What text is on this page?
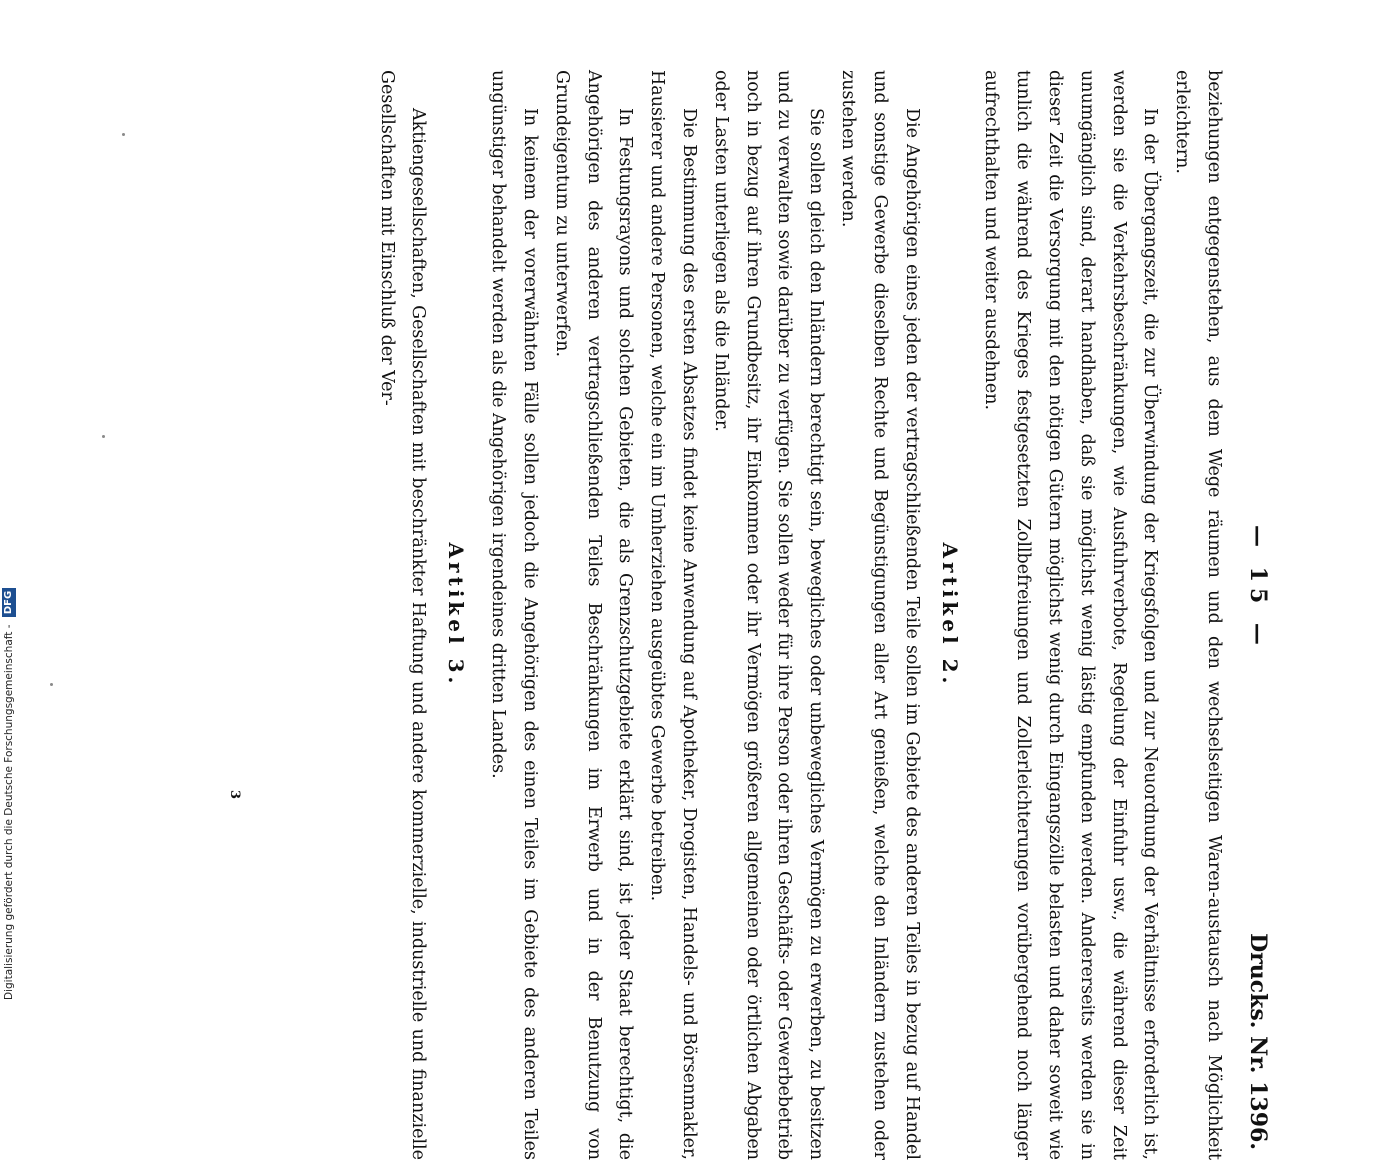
— 15 —
Drucks. Nr. 1396.

beziehungen entgegenstehen, aus dem Wege räumen und den wechselseitigen Waren-austausch nach Möglichkeit erleichtern.

In der Übergangszeit, die zur Überwindung der Kriegsfolgen und zur Neuordnung der Verhältnisse erforderlich ist, werden sie die Verkehrsbeschränkungen, wie Ausfuhrverbote, Regelung der Einfuhr usw., die während dieser Zeit unumgänglich sind, derart handhaben, daß sie möglichst wenig lästig empfunden werden. Andererseits werden sie in dieser Zeit die Versorgung mit den nötigen Gütern möglichst wenig durch Eingangszölle belasten und daher soweit wie tunlich die während des Krieges festgesetzten Zollbefreiungen und Zollerleichterungen vorübergehend noch länger aufrechthalten und weiter ausdehnen.

Artikel 2.

Die Angehörigen eines jeden der vertragschließenden Teile sollen im Gebiete des anderen Teiles in bezug auf Handel und sonstige Gewerbe dieselben Rechte und Begünstigungen aller Art genießen, welche den Inländern zustehen oder zustehen werden.

Sie sollen gleich den Inländern berechtigt sein, bewegliches oder unbewegliches Vermögen zu erwerben, zu besitzen und zu verwalten sowie darüber zu verfügen. Sie sollen weder für ihre Person oder ihren Geschäfts- oder Gewerbebetrieb noch in bezug auf ihren Grundbesitz, ihr Einkommen oder ihr Vermögen größeren allgemeinen oder örtlichen Abgaben oder Lasten unterliegen als die Inländer.

Die Bestimmung des ersten Absatzes findet keine Anwendung auf Apotheker, Drogisten, Handels- und Börsenmakler, Hausierer und andere Personen, welche ein im Umherziehen ausgeübtes Gewerbe betreiben.

In Festungsrayons und solchen Gebieten, die als Grenzschutzgebiete erklärt sind, ist jeder Staat berechtigt, die Angehörigen des anderen vertragschließenden Teiles Beschränkungen im Erwerb und in der Benutzung von Grundeigentum zu unterwerfen.

In keinem der vorerwähnten Fälle sollen jedoch die Angehörigen des einen Teiles im Gebiete des anderen Teiles ungünstiger behandelt werden als die Angehörigen irgendeines dritten Landes.

Artikel 3.

Aktiengesellschaften, Gesellschaften mit beschränkter Haftung und andere kommerzielle, industrielle und finanzielle Gesellschaften mit Einschluß der Ver-

3
Digitalisierung gefördert durch die Deutsche Forschungsgemeinschaft - DFG
